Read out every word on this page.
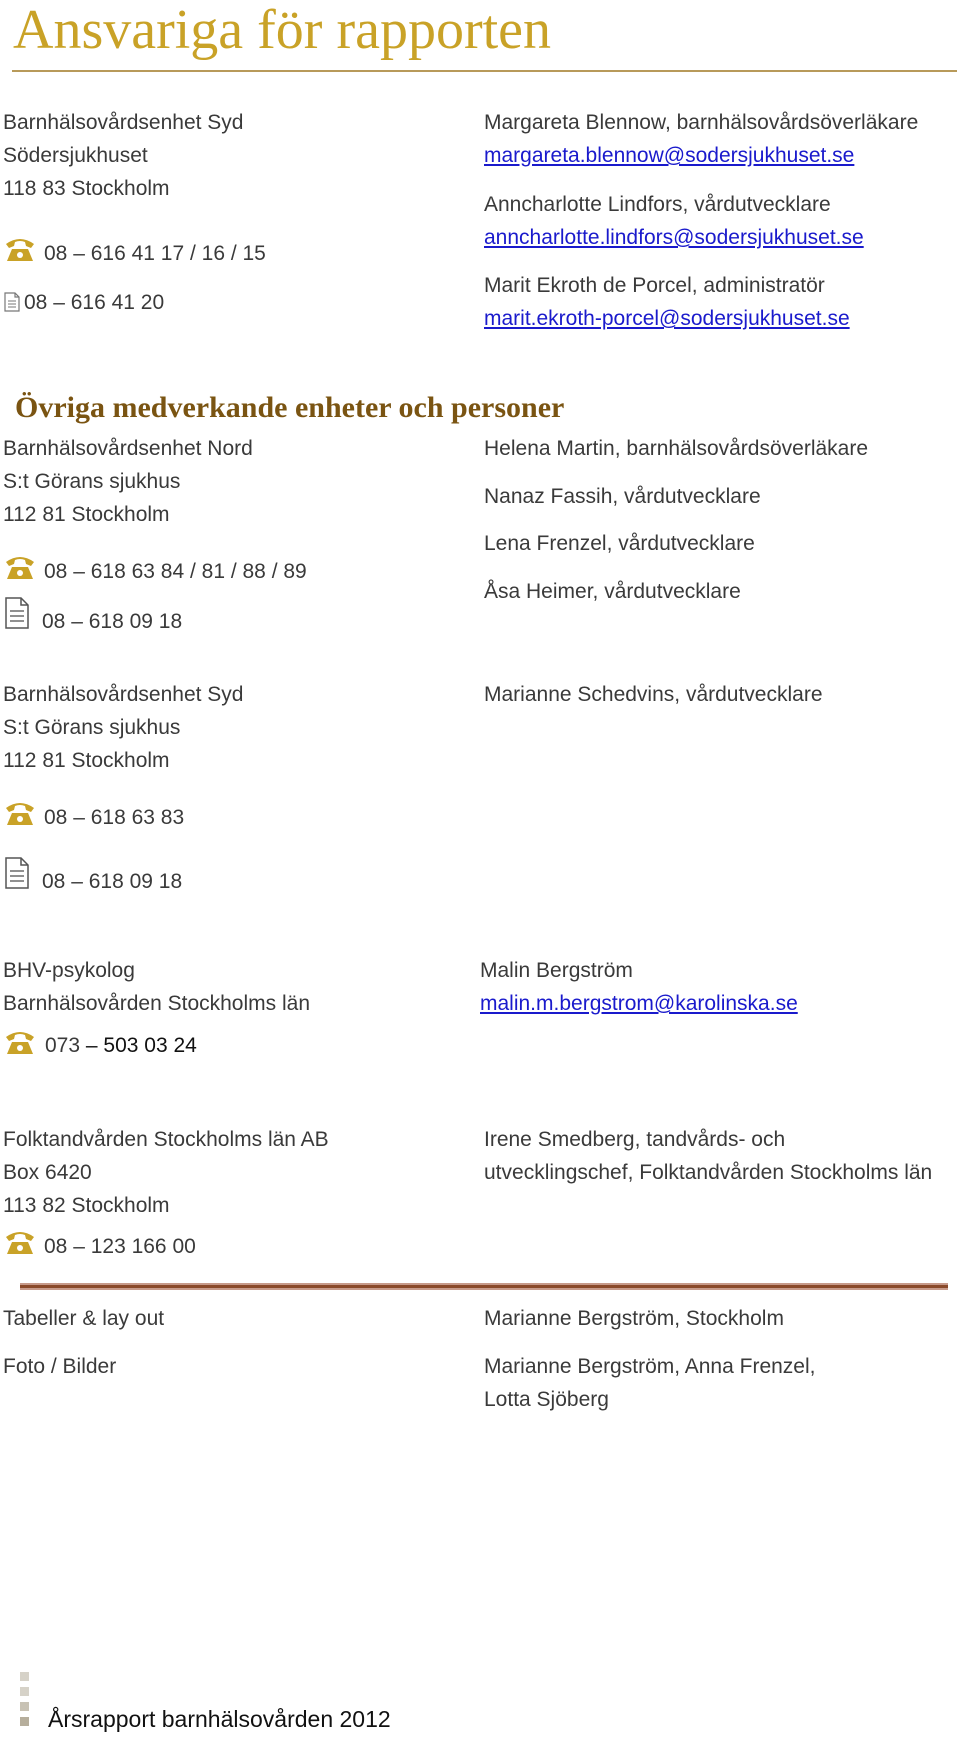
Ansvariga för rapporten
Barnhälsovårdsenhet Syd
Södersjukhuset
118 83 Stockholm
08 – 616 41 17 / 16 / 15
08 – 616 41 20
Margareta Blennow, barnhälsovårdsöverläkare
margareta.blennow@sodersjukhuset.se
Anncharlotte Lindfors, vårdutvecklare
anncharlotte.lindfors@sodersjukhuset.se
Marit Ekroth de Porcel, administratör
marit.ekroth-porcel@sodersjukhuset.se
Övriga medverkande enheter och personer
Barnhälsovårdsenhet Nord
S:t Görans sjukhus
112 81 Stockholm
08 – 618 63 84 / 81 / 88 / 89
08 – 618 09 18
Helena Martin, barnhälsovårdsöverläkare
Nanaz Fassih, vårdutvecklare
Lena Frenzel, vårdutvecklare
Åsa Heimer, vårdutvecklare
Barnhälsovårdsenhet Syd
S:t Görans sjukhus
112 81 Stockholm
08 – 618 63 83
08 – 618 09 18
Marianne Schedvins, vårdutvecklare
BHV-psykolog
Barnhälsovården Stockholms län
073 – 503 03 24
Malin Bergström
malin.m.bergstrom@karolinska.se
Folktandvården Stockholms län AB
Box 6420
113 82 Stockholm
08 – 123 166 00
Irene Smedberg, tandvårds- och
utvecklingschef, Folktandvården Stockholms län
Tabeller & lay out	Marianne Bergström, Stockholm
Foto / Bilder	Marianne Bergström, Anna Frenzel,
Lotta Sjöberg
Årsrapport barnhälsovården 2012
